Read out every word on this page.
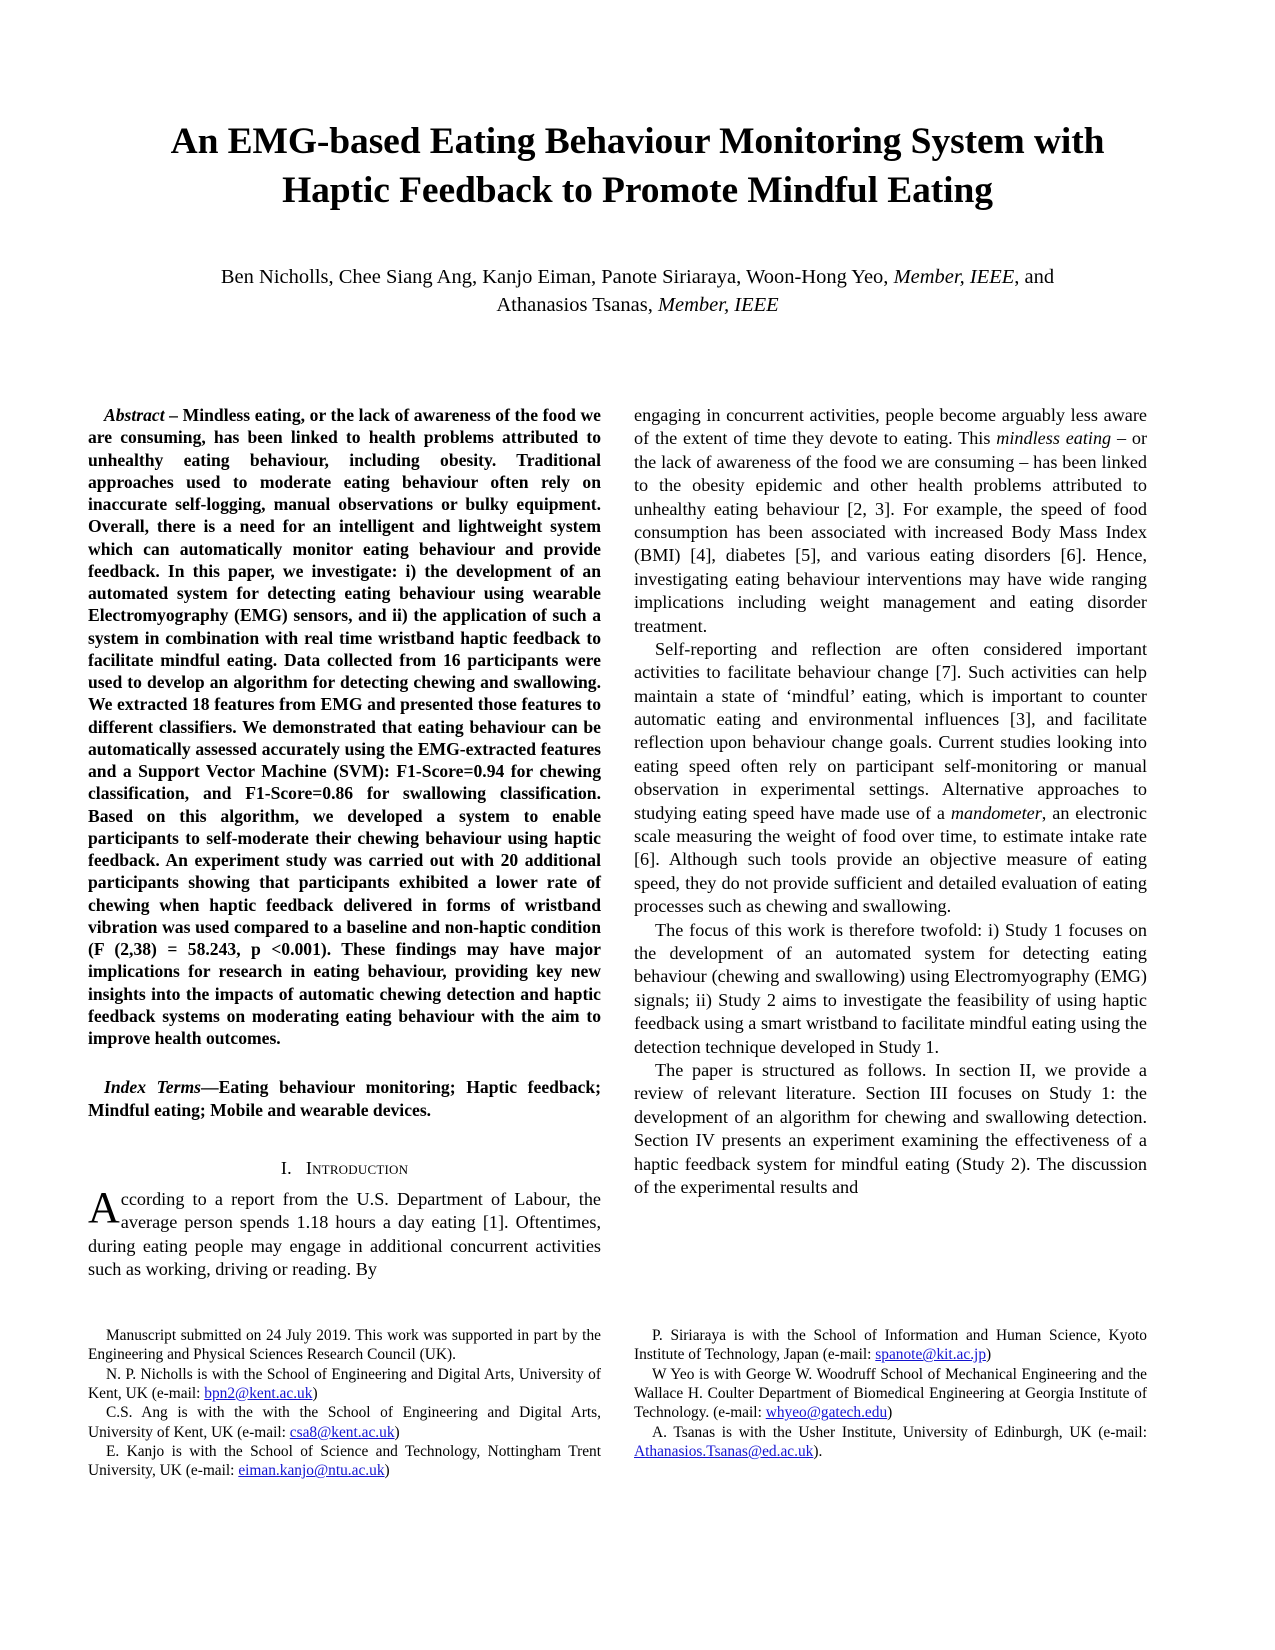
An EMG-based Eating Behaviour Monitoring System with Haptic Feedback to Promote Mindful Eating
Ben Nicholls, Chee Siang Ang, Kanjo Eiman, Panote Siriaraya, Woon-Hong Yeo, Member, IEEE, and
Athanasios Tsanas, Member, IEEE

Abstract – Mindless eating, or the lack of awareness of the food we are consuming, has been linked to health problems attributed to unhealthy eating behaviour, including obesity. Traditional approaches used to moderate eating behaviour often rely on inaccurate self-logging, manual observations or bulky equipment. Overall, there is a need for an intelligent and lightweight system which can automatically monitor eating behaviour and provide feedback. In this paper, we investigate: i) the development of an automated system for detecting eating behaviour using wearable Electromyography (EMG) sensors, and ii) the application of such a system in combination with real time wristband haptic feedback to facilitate mindful eating. Data collected from 16 participants were used to develop an algorithm for detecting chewing and swallowing. We extracted 18 features from EMG and presented those features to different classifiers. We demonstrated that eating behaviour can be automatically assessed accurately using the EMG-extracted features and a Support Vector Machine (SVM): F1-Score=0.94 for chewing classification, and F1-Score=0.86 for swallowing classification. Based on this algorithm, we developed a system to enable participants to self-moderate their chewing behaviour using haptic feedback. An experiment study was carried out with 20 additional participants showing that participants exhibited a lower rate of chewing when haptic feedback delivered in forms of wristband vibration was used compared to a baseline and non-haptic condition (F (2,38) = 58.243, p <0.001). These findings may have major implications for research in eating behaviour, providing key new insights into the impacts of automatic chewing detection and haptic feedback systems on moderating eating behaviour with the aim to improve health outcomes.

Index Terms—Eating behaviour monitoring; Haptic feedback; Mindful eating; Mobile and wearable devices.

I. Introduction

According to a report from the U.S. Department of Labour, the average person spends 1.18 hours a day eating [1]. Oftentimes, during eating people may engage in additional concurrent activities such as working, driving or reading. By

engaging in concurrent activities, people become arguably less aware of the extent of time they devote to eating. This mindless eating – or the lack of awareness of the food we are consuming – has been linked to the obesity epidemic and other health problems attributed to unhealthy eating behaviour [2, 3]. For example, the speed of food consumption has been associated with increased Body Mass Index (BMI) [4], diabetes [5], and various eating disorders [6]. Hence, investigating eating behaviour interventions may have wide ranging implications including weight management and eating disorder treatment.

Self-reporting and reflection are often considered important activities to facilitate behaviour change [7]. Such activities can help maintain a state of ‘mindful’ eating, which is important to counter automatic eating and environmental influences [3], and facilitate reflection upon behaviour change goals. Current studies looking into eating speed often rely on participant self-monitoring or manual observation in experimental settings. Alternative approaches to studying eating speed have made use of a mandometer, an electronic scale measuring the weight of food over time, to estimate intake rate [6]. Although such tools provide an objective measure of eating speed, they do not provide sufficient and detailed evaluation of eating processes such as chewing and swallowing.

The focus of this work is therefore twofold: i) Study 1 focuses on the development of an automated system for detecting eating behaviour (chewing and swallowing) using Electromyography (EMG) signals; ii) Study 2 aims to investigate the feasibility of using haptic feedback using a smart wristband to facilitate mindful eating using the detection technique developed in Study 1.

The paper is structured as follows. In section II, we provide a review of relevant literature. Section III focuses on Study 1: the development of an algorithm for chewing and swallowing detection. Section IV presents an experiment examining the effectiveness of a haptic feedback system for mindful eating (Study 2). The discussion of the experimental results and

Manuscript submitted on 24 July 2019. This work was supported in part by the Engineering and Physical Sciences Research Council (UK).

N. P. Nicholls is with the School of Engineering and Digital Arts, University of Kent, UK (e-mail: bpn2@kent.ac.uk)

C.S. Ang is with the with the School of Engineering and Digital Arts, University of Kent, UK (e-mail: csa8@kent.ac.uk)

E. Kanjo is with the School of Science and Technology, Nottingham Trent University, UK (e-mail: eiman.kanjo@ntu.ac.uk)

P. Siriaraya is with the School of Information and Human Science, Kyoto Institute of Technology, Japan (e-mail: spanote@kit.ac.jp)

W Yeo is with George W. Woodruff School of Mechanical Engineering and the Wallace H. Coulter Department of Biomedical Engineering at Georgia Institute of Technology. (e-mail: whyeo@gatech.edu)

A. Tsanas is with the Usher Institute, University of Edinburgh, UK (e-mail: Athanasios.Tsanas@ed.ac.uk).
